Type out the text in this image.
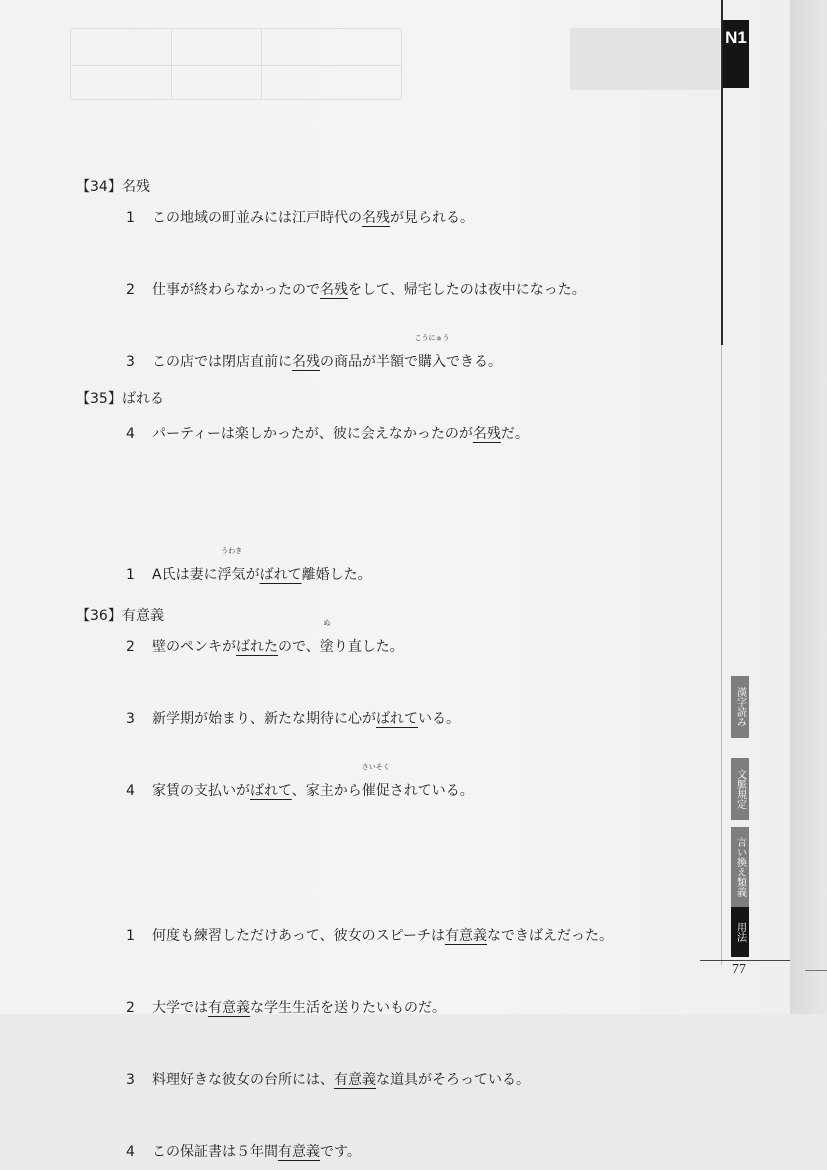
N1
漢字読み
文脈規定
言い換え類義
用法
77
【34】名残
1 この地域の町並みには江戸時代の名残が見られる。
2 仕事が終わらなかったので名残をして、帰宅したのは夜中になった。
3 この店では閉店直前に名残の商品が半額で購入
こうにゅう
できる。
4 パーティーは楽しかったが、彼に会えなかったのが名残だ。
【35】ばれる
1 A氏は妻に浮気
うわき
がばれて離婚した。
2 壁のペンキがばれたので、塗
ぬ
り直した。
3 新学期が始まり、新たな期待に心がばれている。
4 家賃の支払いがばれて、家主から催促
さいそく
されている。
【36】有意義
1 何度も練習しただけあって、彼女のスピーチは有意義なできばえだった。
2 大学では有意義な学生生活を送りたいものだ。
3 料理好きな彼女の台所には、有意義な道具がそろっている。
4 この保証書は５年間有意義です。
